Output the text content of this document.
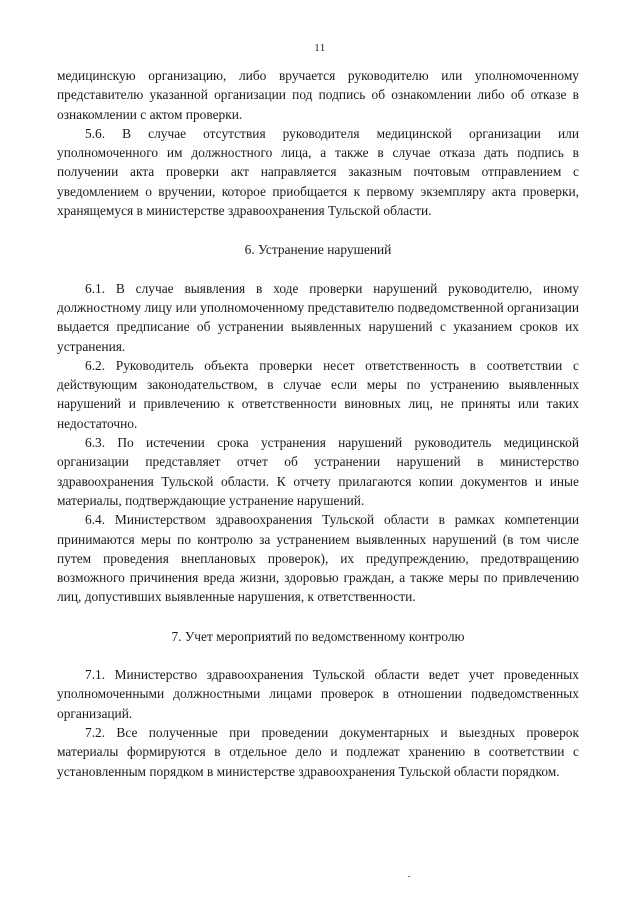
11

медицинскую организацию, либо вручается руководителю или уполномоченному представителю указанной организации под подпись об ознакомлении либо об отказе в ознакомлении с актом проверки.

5.6. В случае отсутствия руководителя медицинской организации или уполномоченного им должностного лица, а также в случае отказа дать подпись в получении акта проверки акт направляется заказным почтовым отправлением с уведомлением о вручении, которое приобщается к первому экземпляру акта проверки, хранящемуся в министерстве здравоохранения Тульской области.

6. Устранение нарушений

6.1. В случае выявления в ходе проверки нарушений руководителю, иному должностному лицу или уполномоченному представителю подведомственной организации выдается предписание об устранении выявленных нарушений с указанием сроков их устранения.

6.2. Руководитель объекта проверки несет ответственность в соответствии с действующим законодательством, в случае если меры по устранению выявленных нарушений и привлечению к ответственности виновных лиц, не приняты или таких недостаточно.

6.3. По истечении срока устранения нарушений руководитель медицинской организации представляет отчет об устранении нарушений в министерство здравоохранения Тульской области. К отчету прилагаются копии документов и иные материалы, подтверждающие устранение нарушений.

6.4. Министерством здравоохранения Тульской области в рамках компетенции принимаются меры по контролю за устранением выявленных нарушений (в том числе путем проведения внеплановых проверок), их предупреждению, предотвращению возможного причинения вреда жизни, здоровью граждан, а также меры по привлечению лиц, допустивших выявленные нарушения, к ответственности.

7. Учет мероприятий по ведомственному контролю

7.1. Министерство здравоохранения Тульской области ведет учет проведенных уполномоченными должностными лицами проверок в отношении подведомственных организаций.

7.2. Все полученные при проведении документарных и выездных проверок материалы формируются в отдельное дело и подлежат хранению в соответствии с установленным порядком в министерстве здравоохранения Тульской области порядком.
